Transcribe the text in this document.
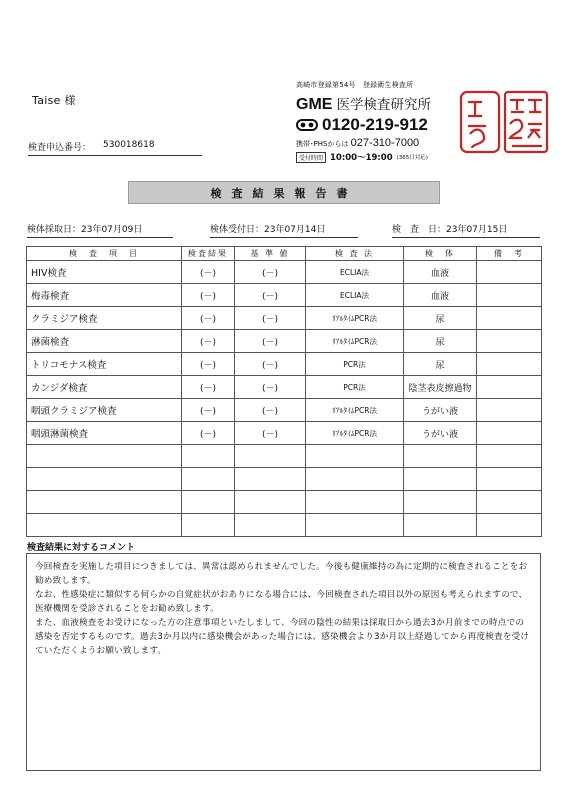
Taise 様
検査申込番号： 530018618
高崎市登録第54号　登録衛生検査所
GME 医学検査研究所
0120-219-912
携帯･PHSからは 027-310-7000
受付時間 10:00～19:00 (365日対応)
検査結果報告書
検体採取日：23年07月09日	検体受付日：23年07月14日	検　査　日：23年07月15日
検　査　項　目	検査結果	基 準 値	検 査 法	検　体	備　考
HIV検査	(－)	(－)	ECLIA法	血液	
梅毒検査	(－)	(－)	ECLIA法	血液	
クラミジア検査	(－)	(－)	ﾘｱﾙﾀｲﾑPCR法	尿	
淋菌検査	(－)	(－)	ﾘｱﾙﾀｲﾑPCR法	尿	
トリコモナス検査	(－)	(－)	PCR法	尿	
カンジダ検査	(－)	(－)	PCR法	陰茎表皮擦過物	
咽頭クラミジア検査	(－)	(－)	ﾘｱﾙﾀｲﾑPCR法	うがい液	
咽頭淋菌検査	(－)	(－)	ﾘｱﾙﾀｲﾑPCR法	うがい液	

検査結果に対するコメント

今回検査を実施した項目につきましては、異常は認められませんでした。今後も健康維持の為に定期的に検査されることをお勧め致します。

なお、性感染症に類似する何らかの自覚症状がおありになる場合には、今回検査された項目以外の原因も考えられますので、医療機関を受診されることをお勧め致します。

また、血液検査をお受けになった方の注意事項といたしまして、今回の陰性の結果は採取日から過去3か月前までの時点での感染を否定するものです。過去3か月以内に感染機会があった場合には、感染機会より3か月以上経過してから再度検査を受けていただくようお願い致します。
